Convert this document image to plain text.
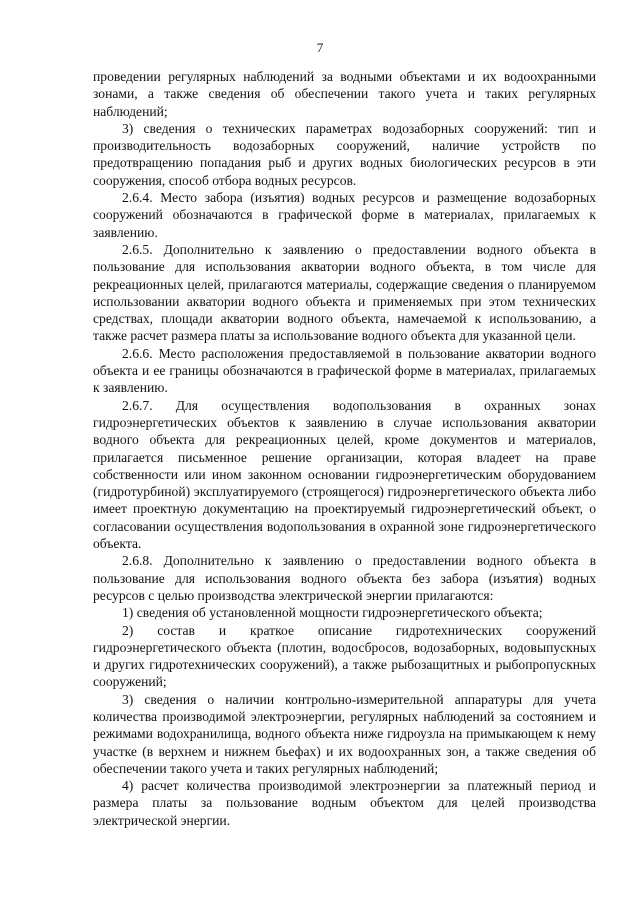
7

проведении регулярных наблюдений за водными объектами и их водоохранными зонами, а также сведения об обеспечении такого учета и таких регулярных наблюдений;

3) сведения о технических параметрах водозаборных сооружений: тип и производительность водозаборных сооружений, наличие устройств по предотвращению попадания рыб и других водных биологических ресурсов в эти сооружения, способ отбора водных ресурсов.

2.6.4. Место забора (изъятия) водных ресурсов и размещение водозаборных сооружений обозначаются в графической форме в материалах, прилагаемых к заявлению.

2.6.5. Дополнительно к заявлению о предоставлении водного объекта в пользование для использования акватории водного объекта, в том числе для рекреационных целей, прилагаются материалы, содержащие сведения о планируемом использовании акватории водного объекта и применяемых при этом технических средствах, площади акватории водного объекта, намечаемой к использованию, а также расчет размера платы за использование водного объекта для указанной цели.

2.6.6. Место расположения предоставляемой в пользование акватории водного объекта и ее границы обозначаются в графической форме в материалах, прилагаемых к заявлению.

2.6.7. Для осуществления водопользования в охранных зонах гидроэнергетических объектов к заявлению в случае использования акватории водного объекта для рекреационных целей, кроме документов и материалов, прилагается письменное решение организации, которая владеет на праве собственности или ином законном основании гидроэнергетическим оборудованием (гидротурбиной) эксплуатируемого (строящегося) гидроэнергетического объекта либо имеет проектную документацию на проектируемый гидроэнергетический объект, о согласовании осуществления водопользования в охранной зоне гидроэнергетического объекта.

2.6.8. Дополнительно к заявлению о предоставлении водного объекта в пользование для использования водного объекта без забора (изъятия) водных ресурсов с целью производства электрической энергии прилагаются:

1) сведения об установленной мощности гидроэнергетического объекта;

2) состав и краткое описание гидротехнических сооружений гидроэнергетического объекта (плотин, водосбросов, водозаборных, водовыпускных и других гидротехнических сооружений), а также рыбозащитных и рыбопропускных сооружений;

3) сведения о наличии контрольно-измерительной аппаратуры для учета количества производимой электроэнергии, регулярных наблюдений за состоянием и режимами водохранилища, водного объекта ниже гидроузла на примыкающем к нему участке (в верхнем и нижнем бьефах) и их водоохранных зон, а также сведения об обеспечении такого учета и таких регулярных наблюдений;

4) расчет количества производимой электроэнергии за платежный период и размера платы за пользование водным объектом для целей производства электрической энергии.
